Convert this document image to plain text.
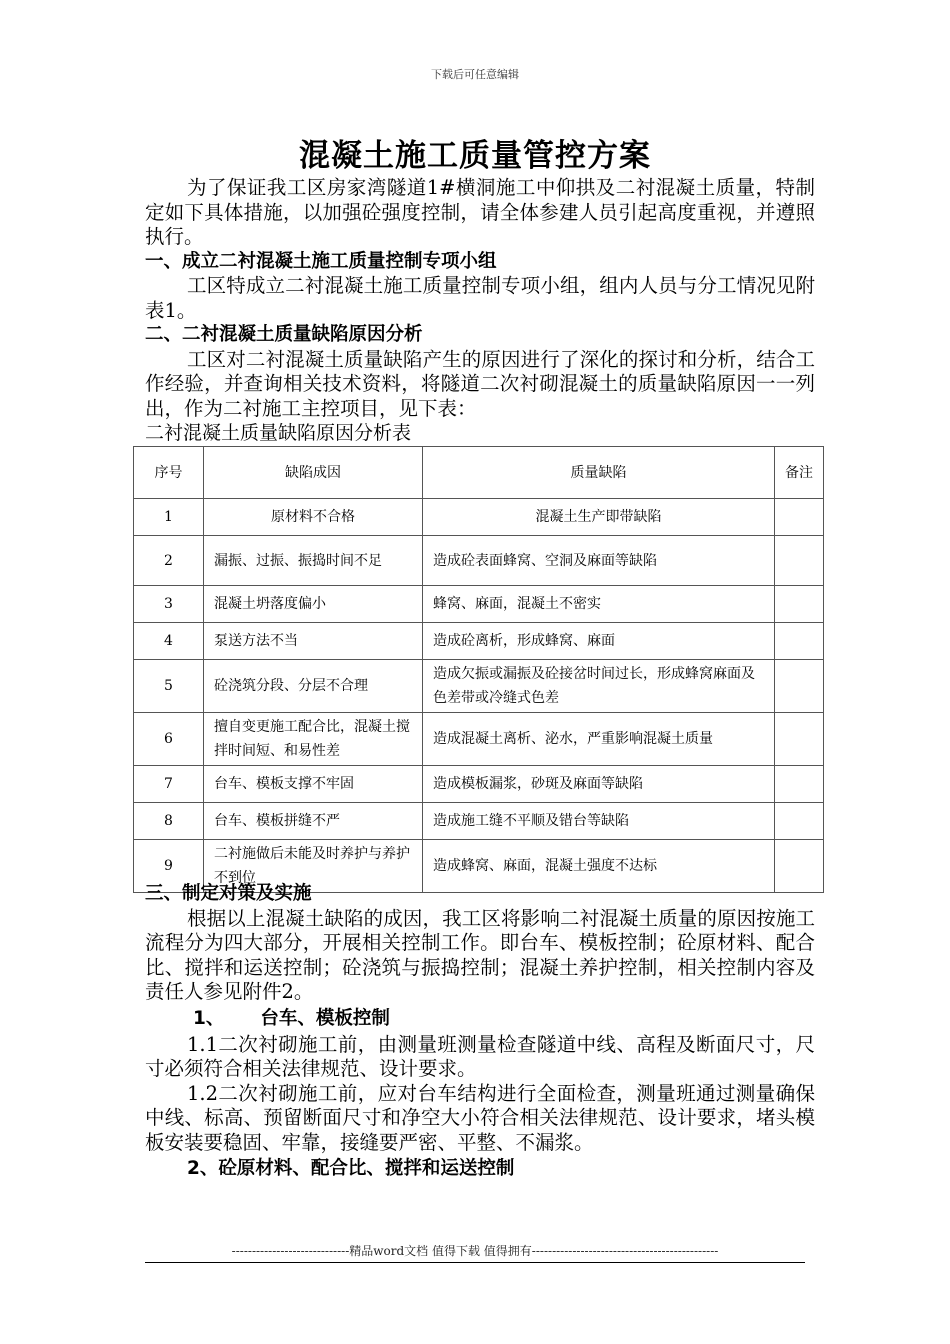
下载后可任意编辑
混凝土施工质量管控方案

为了保证我工区房家湾隧道1#横洞施工中仰拱及二衬混凝土质量，特制定如下具体措施，以加强砼强度控制，请全体参建人员引起高度重视，并遵照执行。

一、成立二衬混凝土施工质量控制专项小组

工区特成立二衬混凝土施工质量控制专项小组，组内人员与分工情况见附表1。

二、二衬混凝土质量缺陷原因分析

工区对二衬混凝土质量缺陷产生的原因进行了深化的探讨和分析，结合工作经验，并查询相关技术资料，将隧道二次衬砌混凝土的质量缺陷原因一一列出，作为二衬施工主控项目，见下表：

二衬混凝土质量缺陷原因分析表

序号	缺陷成因	质量缺陷	备注
1	原材料不合格	混凝土生产即带缺陷	
2	漏振、过振、振捣时间不足	造成砼表面蜂窝、空洞及麻面等缺陷	
3	混凝土坍落度偏小	蜂窝、麻面，混凝土不密实	
4	泵送方法不当	造成砼离析，形成蜂窝、麻面	
5	砼浇筑分段、分层不合理	造成欠振或漏振及砼接岔时间过长，形成蜂窝麻面及色差带或冷缝式色差	
6	擅自变更施工配合比，混凝土搅拌时间短、和易性差	造成混凝土离析、泌水，严重影响混凝土质量	
7	台车、模板支撑不牢固	造成模板漏浆，砂斑及麻面等缺陷	
8	台车、模板拼缝不严	造成施工缝不平顺及错台等缺陷	
9	二衬施做后未能及时养护与养护不到位	造成蜂窝、麻面，混凝土强度不达标	

三、制定对策及实施

根据以上混凝土缺陷的成因，我工区将影响二衬混凝土质量的原因按施工流程分为四大部分，开展相关控制工作。即台车、模板控制；砼原材料、配合比、搅拌和运送控制；砼浇筑与振捣控制；混凝土养护控制，相关控制内容及责任人参见附件2。

1、 台车、模板控制

1.1二次衬砌施工前，由测量班测量检查隧道中线、高程及断面尺寸，尺寸必须符合相关法律规范、设计要求。

1.2二次衬砌施工前，应对台车结构进行全面检查，测量班通过测量确保中线、标高、预留断面尺寸和净空大小符合相关法律规范、设计要求，堵头模板安装要稳固、牢靠，接缝要严密、平整、不漏浆。

2、砼原材料、配合比、搅拌和运送控制
-----------------------------精品word文档 值得下载 值得拥有----------------------------------------------
